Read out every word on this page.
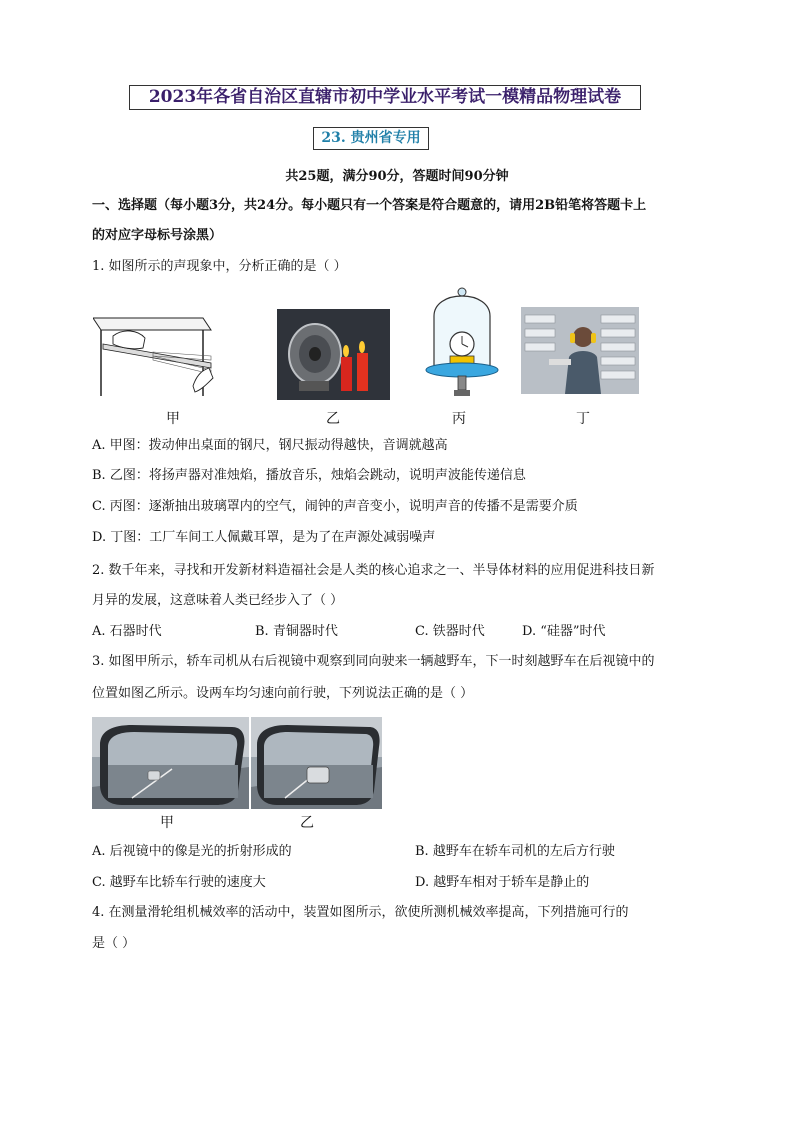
2023年各省自治区直辖市初中学业水平考试一模精品物理试卷
23. 贵州省专用
共25题，满分90分，答题时间90分钟
一、选择题（每小题3分，共24分。每小题只有一个答案是符合题意的，请用2B铅笔将答题卡上
的对应字母标号涂黑）
1. 如图所示的声现象中，分析正确的是（ ）
甲	乙	丙	丁
A. 甲图：拨动伸出桌面的钢尺，钢尺振动得越快，音调就越高
B. 乙图：将扬声器对准烛焰，播放音乐，烛焰会跳动，说明声波能传递信息
C. 丙图：逐渐抽出玻璃罩内的空气，闹钟的声音变小，说明声音的传播不是需要介质
D. 丁图：工厂车间工人佩戴耳罩，是为了在声源处减弱噪声
2. 数千年来，寻找和开发新材料造福社会是人类的核心追求之一、半导体材料的应用促进科技日新
月异的发展，这意味着人类已经步入了（ ）
A. 石器时代	B. 青铜器时代	C. 铁器时代	D. “硅器”时代
3. 如图甲所示，轿车司机从右后视镜中观察到同向驶来一辆越野车，下一时刻越野车在后视镜中的
位置如图乙所示。设两车均匀速向前行驶，下列说法正确的是（ ）
甲	乙
A. 后视镜中的像是光的折射形成的	B. 越野车在轿车司机的左后方行驶
C. 越野车比轿车行驶的速度大	D. 越野车相对于轿车是静止的
4. 在测量滑轮组机械效率的活动中，装置如图所示，欲使所测机械效率提高，下列措施可行的
是（ ）
